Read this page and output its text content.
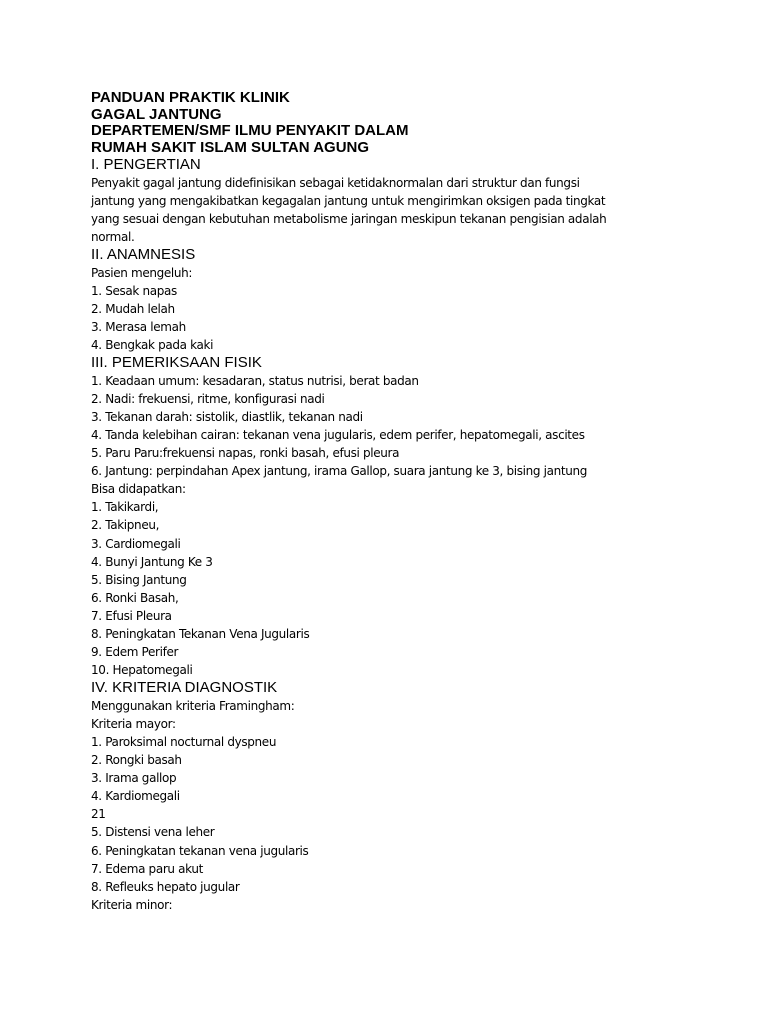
PANDUAN PRAKTIK KLINIK

GAGAL JANTUNG

DEPARTEMEN/SMF ILMU PENYAKIT DALAM

RUMAH SAKIT ISLAM SULTAN AGUNG

I. PENGERTIAN

Penyakit gagal jantung didefinisikan sebagai ketidaknormalan dari struktur dan fungsi

jantung yang mengakibatkan kegagalan jantung untuk mengirimkan oksigen pada tingkat

yang sesuai dengan kebutuhan metabolisme jaringan meskipun tekanan pengisian adalah

normal.

II. ANAMNESIS

Pasien mengeluh:

1. Sesak napas

2. Mudah lelah

3. Merasa lemah

4. Bengkak pada kaki

III. PEMERIKSAAN FISIK

1. Keadaan umum: kesadaran, status nutrisi, berat badan

2. Nadi: frekuensi, ritme, konfigurasi nadi

3. Tekanan darah: sistolik, diastlik, tekanan nadi

4. Tanda kelebihan cairan: tekanan vena jugularis, edem perifer, hepatomegali, ascites

5. Paru Paru:frekuensi napas, ronki basah, efusi pleura

6. Jantung: perpindahan Apex jantung, irama Gallop, suara jantung ke 3, bising jantung

Bisa didapatkan:

1. Takikardi,

2. Takipneu,

3. Cardiomegali

4. Bunyi Jantung Ke 3

5. Bising Jantung

6. Ronki Basah,

7. Efusi Pleura

8. Peningkatan Tekanan Vena Jugularis

9. Edem Perifer

10. Hepatomegali

IV. KRITERIA DIAGNOSTIK

Menggunakan kriteria Framingham:

Kriteria mayor:

1. Paroksimal nocturnal dyspneu

2. Rongki basah

3. Irama gallop

4. Kardiomegali

21

5. Distensi vena leher

6. Peningkatan tekanan vena jugularis

7. Edema paru akut

8. Refleuks hepato jugular

Kriteria minor:
